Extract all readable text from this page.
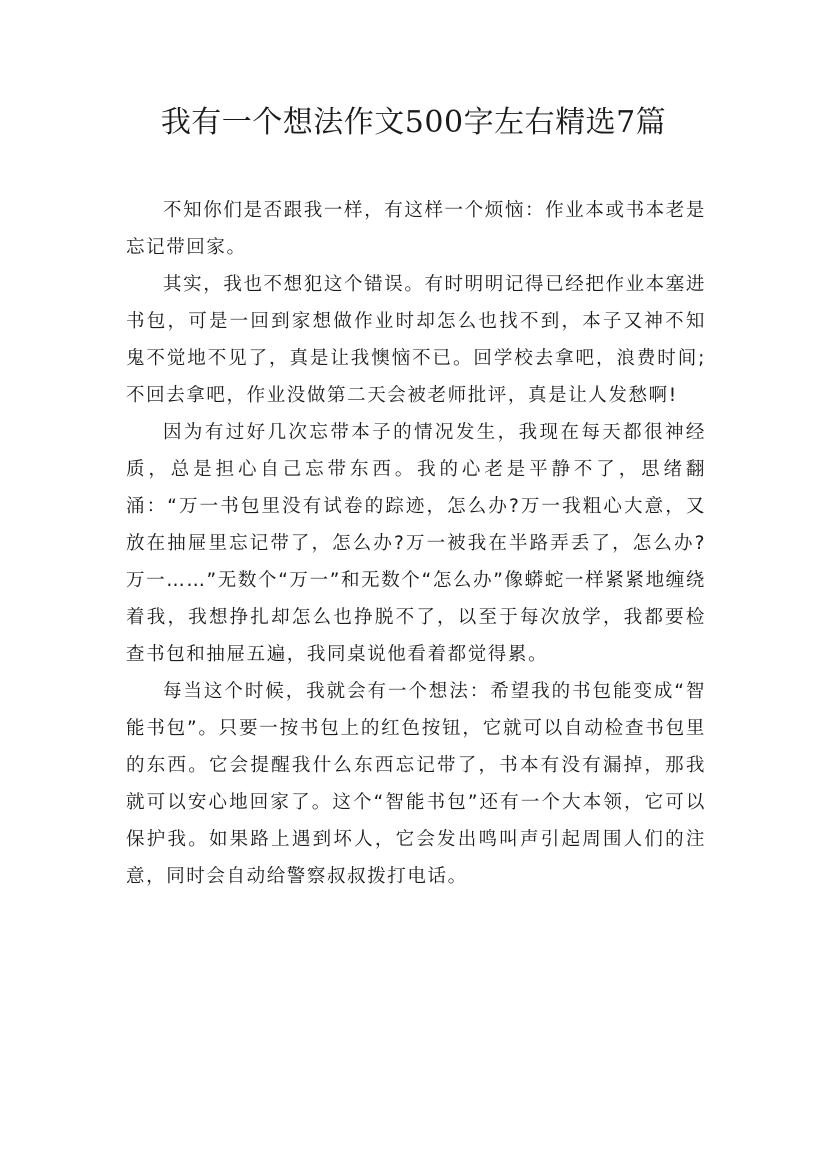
我有一个想法作文500字左右精选7篇

不知你们是否跟我一样，有这样一个烦恼：作业本或书本老是忘记带回家。

其实，我也不想犯这个错误。有时明明记得已经把作业本塞进书包，可是一回到家想做作业时却怎么也找不到，本子又神不知鬼不觉地不见了，真是让我懊恼不已。回学校去拿吧，浪费时间;不回去拿吧，作业没做第二天会被老师批评，真是让人发愁啊!

因为有过好几次忘带本子的情况发生，我现在每天都很神经质，总是担心自己忘带东西。我的心老是平静不了，思绪翻涌：“万一书包里没有试卷的踪迹，怎么办?万一我粗心大意，又放在抽屉里忘记带了，怎么办?万一被我在半路弄丢了，怎么办?万一……”无数个“万一”和无数个“怎么办”像蟒蛇一样紧紧地缠绕着我，我想挣扎却怎么也挣脱不了，以至于每次放学，我都要检查书包和抽屉五遍，我同桌说他看着都觉得累。

每当这个时候，我就会有一个想法：希望我的书包能变成“智能书包”。只要一按书包上的红色按钮，它就可以自动检查书包里的东西。它会提醒我什么东西忘记带了，书本有没有漏掉，那我就可以安心地回家了。这个“智能书包”还有一个大本领，它可以保护我。如果路上遇到坏人，它会发出鸣叫声引起周围人们的注意，同时会自动给警察叔叔拨打电话。
